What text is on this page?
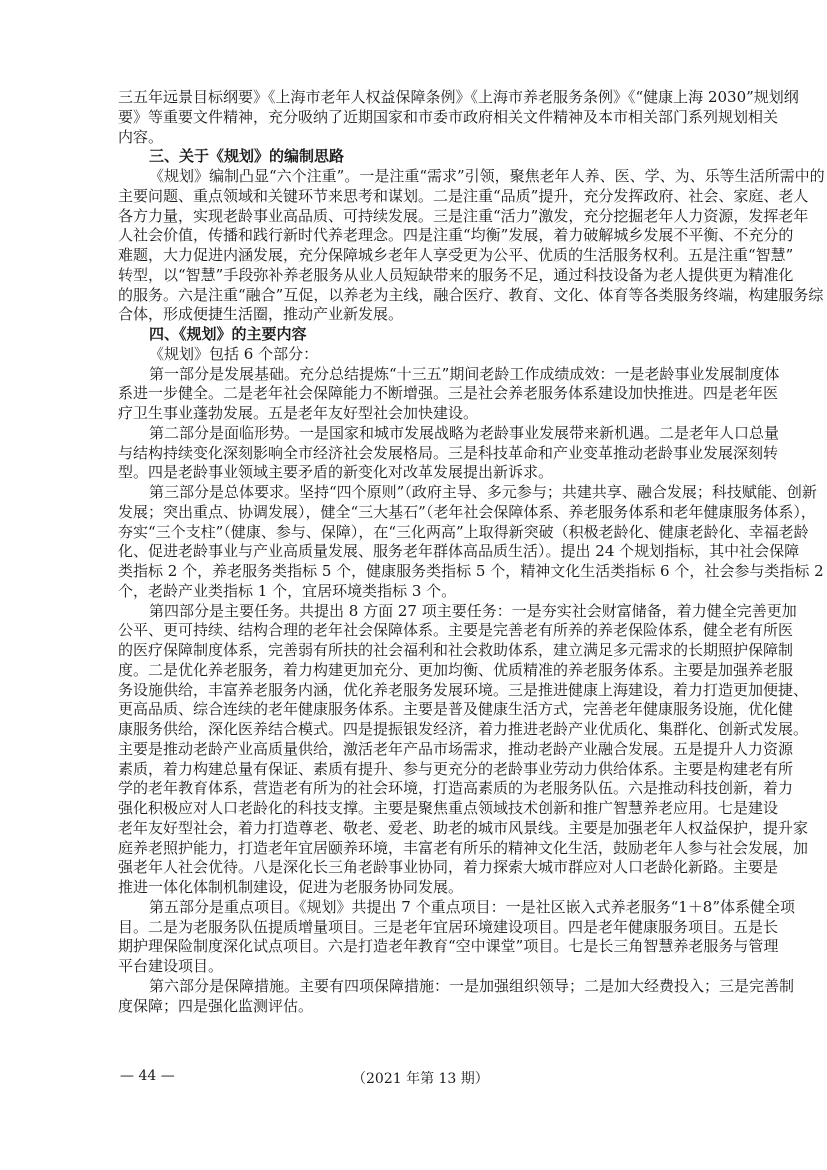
三五年远景目标纲要》《上海市老年人权益保障条例》《上海市养老服务条例》《“健康上海 2030”规划纲
要》等重要文件精神，充分吸纳了近期国家和市委市政府相关文件精神及本市相关部门系列规划相关
内容。
三、关于《规划》的编制思路
《规划》编制凸显“六个注重”。一是注重“需求”引领，聚焦老年人养、医、学、为、乐等生活所需中的
主要问题、重点领域和关键环节来思考和谋划。二是注重“品质”提升，充分发挥政府、社会、家庭、老人
各方力量，实现老龄事业高品质、可持续发展。三是注重“活力”激发，充分挖掘老年人力资源，发挥老年
人社会价值，传播和践行新时代养老理念。四是注重“均衡”发展，着力破解城乡发展不平衡、不充分的
难题，大力促进内涵发展，充分保障城乡老年人享受更为公平、优质的生活服务权利。五是注重“智慧”
转型，以“智慧”手段弥补养老服务从业人员短缺带来的服务不足，通过科技设备为老人提供更为精准化
的服务。六是注重“融合”互促，以养老为主线，融合医疗、教育、文化、体育等各类服务终端，构建服务综
合体，形成便捷生活圈，推动产业新发展。
四、《规划》的主要内容
《规划》包括 6 个部分：
第一部分是发展基础。充分总结提炼“十三五”期间老龄工作成绩成效：一是老龄事业发展制度体
系进一步健全。二是老年社会保障能力不断增强。三是社会养老服务体系建设加快推进。四是老年医
疗卫生事业蓬勃发展。五是老年友好型社会加快建设。
第二部分是面临形势。一是国家和城市发展战略为老龄事业发展带来新机遇。二是老年人口总量
与结构持续变化深刻影响全市经济社会发展格局。三是科技革命和产业变革推动老龄事业发展深刻转
型。四是老龄事业领域主要矛盾的新变化对改革发展提出新诉求。
第三部分是总体要求。坚持“四个原则”（政府主导、多元参与；共建共享、融合发展；科技赋能、创新
发展；突出重点、协调发展），健全“三大基石”（老年社会保障体系、养老服务体系和老年健康服务体系），
夯实“三个支柱”（健康、参与、保障），在“三化两高”上取得新突破（积极老龄化、健康老龄化、幸福老龄
化、促进老龄事业与产业高质量发展、服务老年群体高品质生活）。提出 24 个规划指标，其中社会保障
类指标 2 个，养老服务类指标 5 个，健康服务类指标 5 个，精神文化生活类指标 6 个，社会参与类指标 2
个，老龄产业类指标 1 个，宜居环境类指标 3 个。
第四部分是主要任务。共提出 8 方面 27 项主要任务：一是夯实社会财富储备，着力健全完善更加
公平、更可持续、结构合理的老年社会保障体系。主要是完善老有所养的养老保险体系，健全老有所医
的医疗保障制度体系，完善弱有所扶的社会福利和社会救助体系，建立满足多元需求的长期照护保障制
度。二是优化养老服务，着力构建更加充分、更加均衡、优质精准的养老服务体系。主要是加强养老服
务设施供给，丰富养老服务内涵，优化养老服务发展环境。三是推进健康上海建设，着力打造更加便捷、
更高品质、综合连续的老年健康服务体系。主要是普及健康生活方式，完善老年健康服务设施，优化健
康服务供给，深化医养结合模式。四是提振银发经济，着力推进老龄产业优质化、集群化、创新式发展。
主要是推动老龄产业高质量供给，激活老年产品市场需求，推动老龄产业融合发展。五是提升人力资源
素质，着力构建总量有保证、素质有提升、参与更充分的老龄事业劳动力供给体系。主要是构建老有所
学的老年教育体系，营造老有所为的社会环境，打造高素质的为老服务队伍。六是推动科技创新，着力
强化积极应对人口老龄化的科技支撑。主要是聚焦重点领域技术创新和推广智慧养老应用。七是建设
老年友好型社会，着力打造尊老、敬老、爱老、助老的城市风景线。主要是加强老年人权益保护，提升家
庭养老照护能力，打造老年宜居颐养环境，丰富老有所乐的精神文化生活，鼓励老年人参与社会发展，加
强老年人社会优待。八是深化长三角老龄事业协同，着力探索大城市群应对人口老龄化新路。主要是
推进一体化体制机制建设，促进为老服务协同发展。
第五部分是重点项目。《规划》共提出 7 个重点项目：一是社区嵌入式养老服务“1＋8”体系健全项
目。二是为老服务队伍提质增量项目。三是老年宜居环境建设项目。四是老年健康服务项目。五是长
期护理保险制度深化试点项目。六是打造老年教育“空中课堂”项目。七是长三角智慧养老服务与管理
平台建设项目。
第六部分是保障措施。主要有四项保障措施：一是加强组织领导；二是加大经费投入；三是完善制
度保障；四是强化监测评估。
— 44 —	（2021 年第 13 期）
